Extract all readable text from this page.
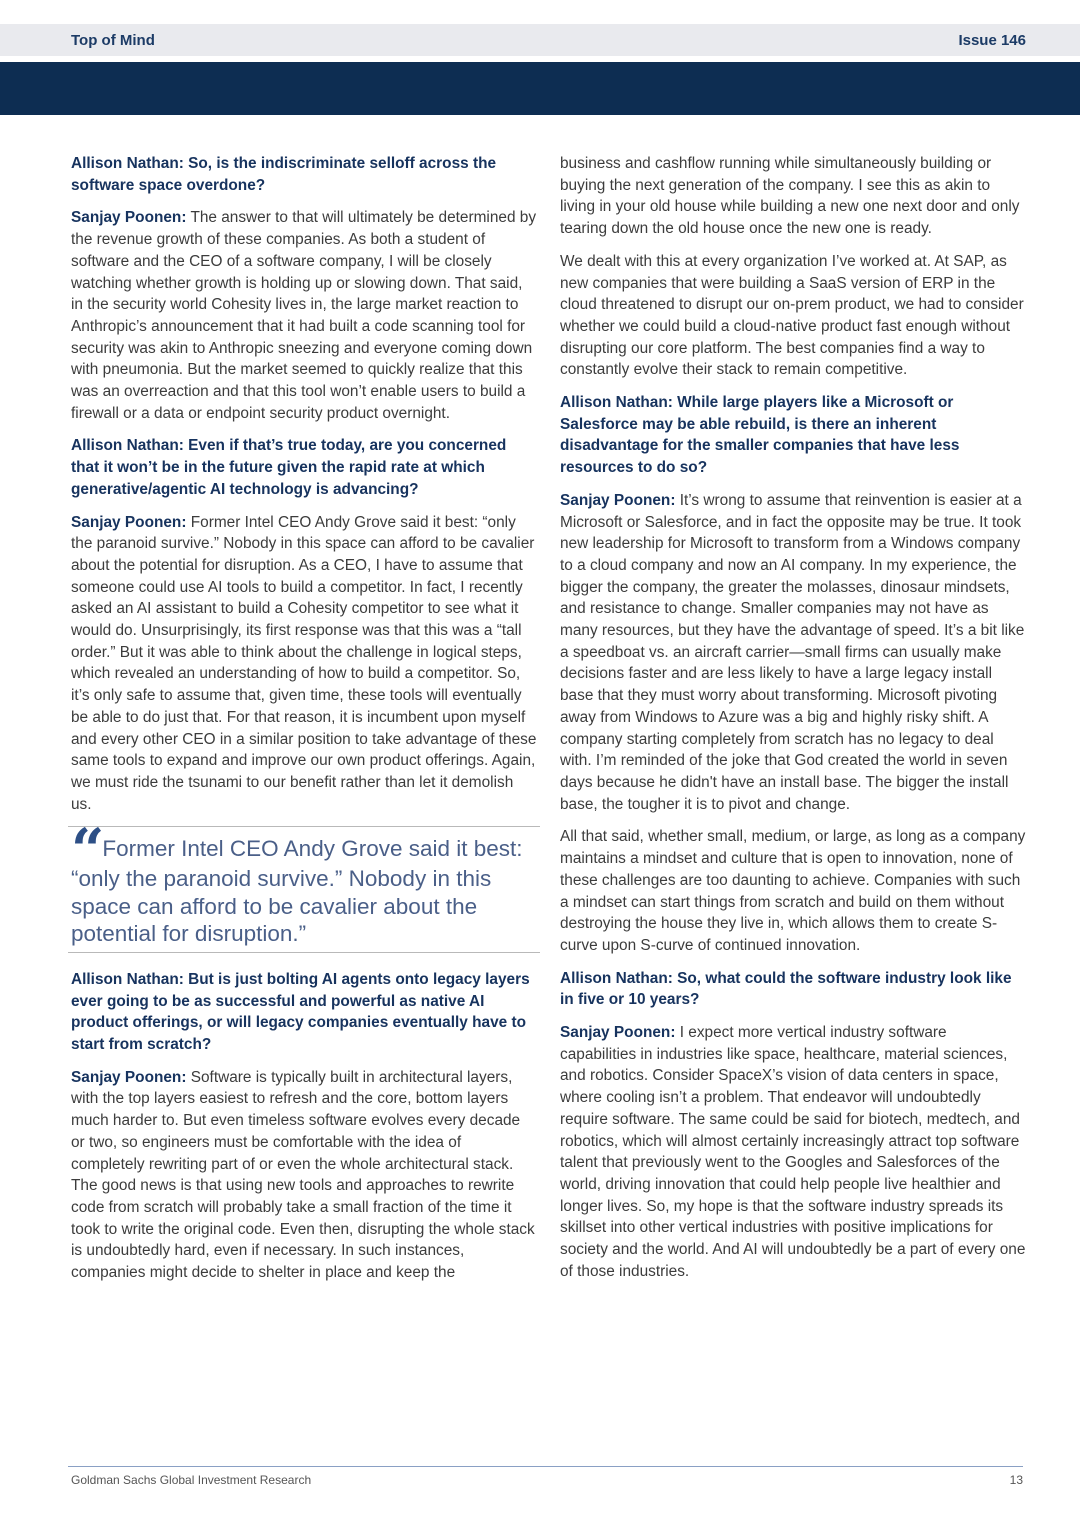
Top of Mind	Issue 146

Allison Nathan: So, is the indiscriminate selloff across the software space overdone?

Sanjay Poonen: The answer to that will ultimately be determined by the revenue growth of these companies. As both a student of software and the CEO of a software company, I will be closely watching whether growth is holding up or slowing down. That said, in the security world Cohesity lives in, the large market reaction to Anthropic’s announcement that it had built a code scanning tool for security was akin to Anthropic sneezing and everyone coming down with pneumonia. But the market seemed to quickly realize that this was an overreaction and that this tool won’t enable users to build a firewall or a data or endpoint security product overnight.

Allison Nathan: Even if that’s true today, are you concerned that it won’t be in the future given the rapid rate at which generative/agentic AI technology is advancing?

Sanjay Poonen: Former Intel CEO Andy Grove said it best: “only the paranoid survive.” Nobody in this space can afford to be cavalier about the potential for disruption. As a CEO, I have to assume that someone could use AI tools to build a competitor. In fact, I recently asked an AI assistant to build a Cohesity competitor to see what it would do. Unsurprisingly, its first response was that this was a “tall order.” But it was able to think about the challenge in logical steps, which revealed an understanding of how to build a competitor. So, it’s only safe to assume that, given time, these tools will eventually be able to do just that. For that reason, it is incumbent upon myself and every other CEO in a similar position to take advantage of these same tools to expand and improve our own product offerings. Again, we must ride the tsunami to our benefit rather than let it demolish us.

“Former Intel CEO Andy Grove said it best: “only the paranoid survive.” Nobody in this space can afford to be cavalier about the potential for disruption.”

Allison Nathan: But is just bolting AI agents onto legacy layers ever going to be as successful and powerful as native AI product offerings, or will legacy companies eventually have to start from scratch?

Sanjay Poonen: Software is typically built in architectural layers, with the top layers easiest to refresh and the core, bottom layers much harder to. But even timeless software evolves every decade or two, so engineers must be comfortable with the idea of completely rewriting part of or even the whole architectural stack. The good news is that using new tools and approaches to rewrite code from scratch will probably take a small fraction of the time it took to write the original code. Even then, disrupting the whole stack is undoubtedly hard, even if necessary. In such instances, companies might decide to shelter in place and keep the

business and cashflow running while simultaneously building or buying the next generation of the company. I see this as akin to living in your old house while building a new one next door and only tearing down the old house once the new one is ready.

We dealt with this at every organization I’ve worked at. At SAP, as new companies that were building a SaaS version of ERP in the cloud threatened to disrupt our on-prem product, we had to consider whether we could build a cloud-native product fast enough without disrupting our core platform. The best companies find a way to constantly evolve their stack to remain competitive.

Allison Nathan: While large players like a Microsoft or Salesforce may be able rebuild, is there an inherent disadvantage for the smaller companies that have less resources to do so?

Sanjay Poonen: It’s wrong to assume that reinvention is easier at a Microsoft or Salesforce, and in fact the opposite may be true. It took new leadership for Microsoft to transform from a Windows company to a cloud company and now an AI company. In my experience, the bigger the company, the greater the molasses, dinosaur mindsets, and resistance to change. Smaller companies may not have as many resources, but they have the advantage of speed. It’s a bit like a speedboat vs. an aircraft carrier—small firms can usually make decisions faster and are less likely to have a large legacy install base that they must worry about transforming. Microsoft pivoting away from Windows to Azure was a big and highly risky shift. A company starting completely from scratch has no legacy to deal with. I’m reminded of the joke that God created the world in seven days because he didn't have an install base. The bigger the install base, the tougher it is to pivot and change.

All that said, whether small, medium, or large, as long as a company maintains a mindset and culture that is open to innovation, none of these challenges are too daunting to achieve. Companies with such a mindset can start things from scratch and build on them without destroying the house they live in, which allows them to create S-curve upon S-curve of continued innovation.

Allison Nathan: So, what could the software industry look like in five or 10 years?

Sanjay Poonen: I expect more vertical industry software capabilities in industries like space, healthcare, material sciences, and robotics. Consider SpaceX’s vision of data centers in space, where cooling isn’t a problem. That endeavor will undoubtedly require software. The same could be said for biotech, medtech, and robotics, which will almost certainly increasingly attract top software talent that previously went to the Googles and Salesforces of the world, driving innovation that could help people live healthier and longer lives. So, my hope is that the software industry spreads its skillset into other vertical industries with positive implications for society and the world. And AI will undoubtedly be a part of every one of those industries.

Goldman Sachs Global Investment Research	13
